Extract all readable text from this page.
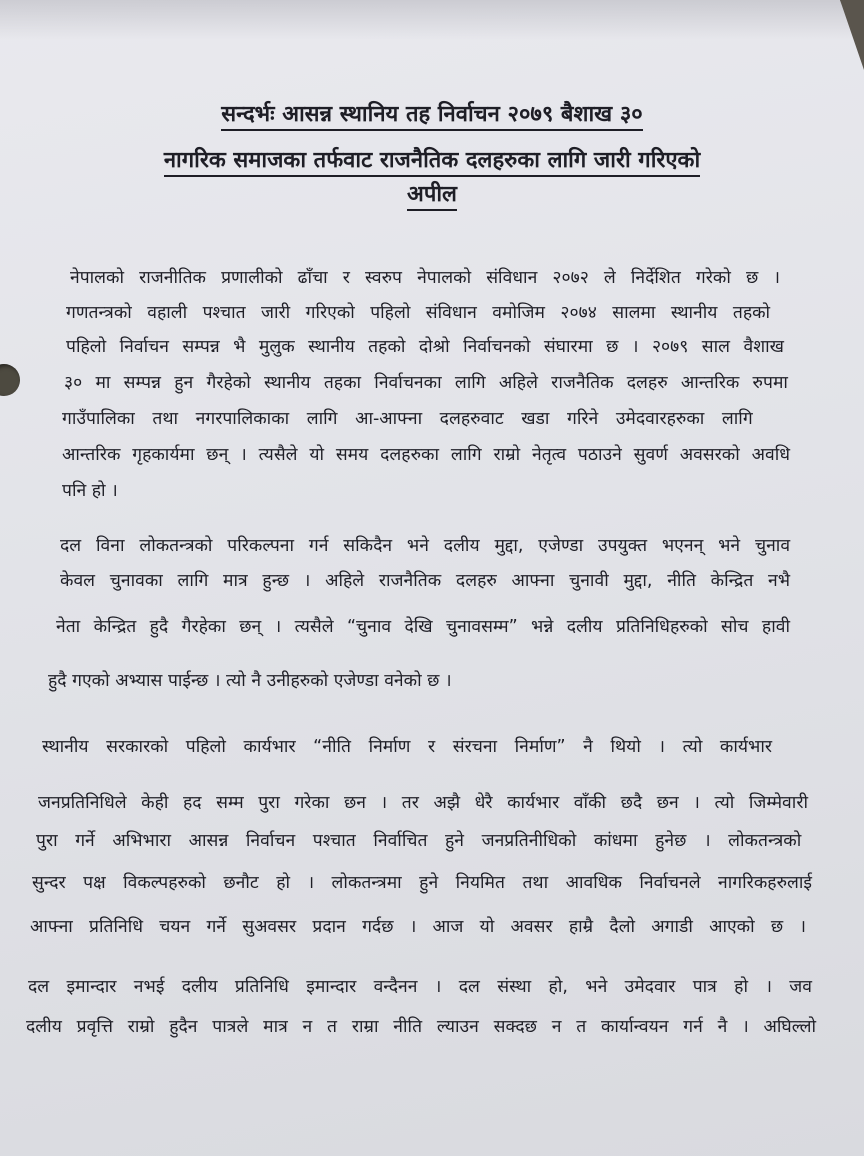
सन्दर्भः आसन्न स्थानिय तह निर्वाचन २०७९ बैशाख ३०
नागरिक समाजका तर्फवाट राजनैतिक दलहरुका लागि जारी गरिएको
अपील

नेपालको राजनीतिक प्रणालीको ढाँचा र स्वरुप नेपालको संविधान २०७२ ले निर्देशित गरेको छ ।

गणतन्त्रको वहाली पश्चात जारी गरिएको पहिलो संविधान वमोजिम २०७४ सालमा स्थानीय तहको

पहिलो निर्वाचन सम्पन्न भै मुलुक स्थानीय तहको दोश्रो निर्वाचनको संघारमा छ । २०७९ साल वैशाख

३० मा सम्पन्न हुन गैरहेको स्थानीय तहका निर्वाचनका लागि अहिले राजनैतिक दलहरु आन्तरिक रुपमा

गाउँपालिका तथा नगरपालिकाका लागि आ-आफ्ना दलहरुवाट खडा गरिने उमेदवारहरुका लागि

आन्तरिक गृहकार्यमा छन् । त्यसैले यो समय दलहरुका लागि राम्रो नेतृत्व पठाउने सुवर्ण अवसरको अवधि

पनि हो ।

दल विना लोकतन्त्रको परिकल्पना गर्न सकिदैन भने दलीय मुद्दा, एजेण्डा उपयुक्त भएनन् भने चुनाव

केवल चुनावका लागि मात्र हुन्छ । अहिले राजनैतिक दलहरु आफ्ना चुनावी मुद्दा, नीति केन्द्रित नभै

नेता केन्द्रित हुदै गैरहेका छन् । त्यसैले “चुनाव देखि चुनावसम्म” भन्ने दलीय प्रतिनिधिहरुको सोच हावी

हुदै गएको अभ्यास पाईन्छ । त्यो नै उनीहरुको एजेण्डा वनेको छ ।

स्थानीय सरकारको पहिलो कार्यभार “नीति निर्माण र संरचना निर्माण” नै थियो । त्यो कार्यभार

जनप्रतिनिधिले केही हद सम्म पुरा गरेका छन । तर अझै धेरै कार्यभार वाँकी छदै छन । त्यो जिम्मेवारी

पुरा गर्ने अभिभारा आसन्न निर्वाचन पश्चात निर्वाचित हुने जनप्रतिनीधिको कांधमा हुनेछ । लोकतन्त्रको

सुन्दर पक्ष विकल्पहरुको छनौट हो । लोकतन्त्रमा हुने नियमित तथा आवधिक निर्वाचनले नागरिकहरुलाई

आफ्ना प्रतिनिधि चयन गर्ने सुअवसर प्रदान गर्दछ । आज यो अवसर हाम्रै दैलो अगाडी आएको छ ।

दल इमान्दार नभई दलीय प्रतिनिधि इमान्दार वन्दैनन । दल संस्था हो, भने उमेदवार पात्र हो । जव

दलीय प्रवृत्ति राम्रो हुदैन पात्रले मात्र न त राम्रा नीति ल्याउन सक्दछ न त कार्यान्वयन गर्न नै । अघिल्लो
